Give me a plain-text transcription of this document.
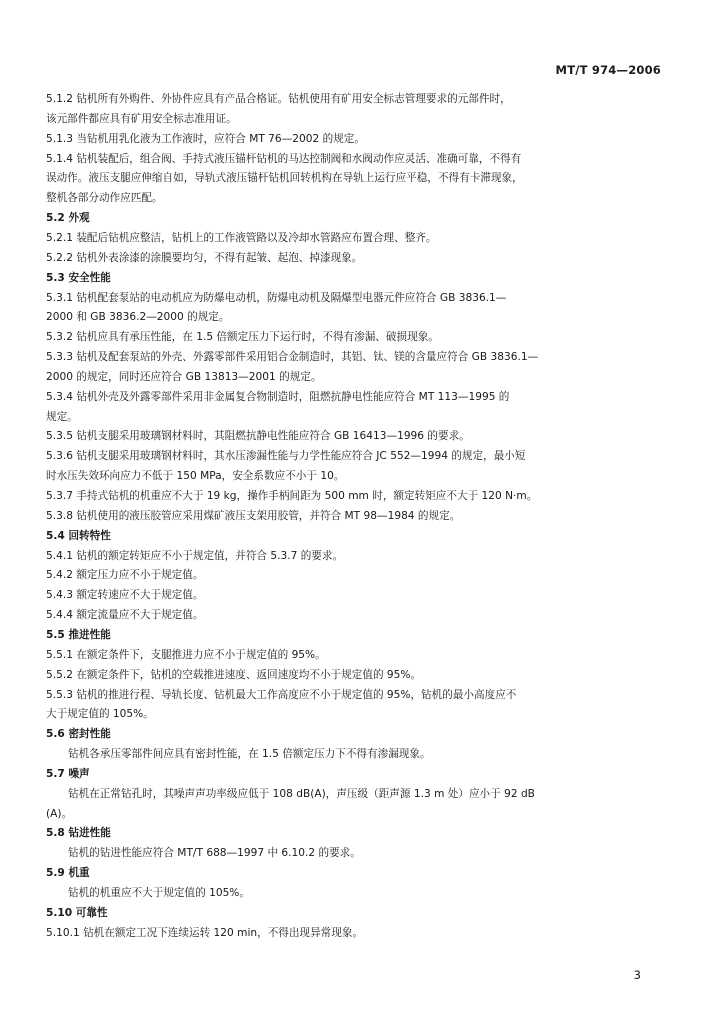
MT/T 974—2006
5.1.2 钻机所有外购件、外协件应具有产品合格证。钻机使用有矿用安全标志管理要求的元部件时，
该元部件都应具有矿用安全标志准用证。
5.1.3 当钻机用乳化液为工作液时，应符合 MT 76—2002 的规定。
5.1.4 钻机装配后，组合阀、手持式液压锚杆钻机的马达控制阀和水阀动作应灵活、准确可靠，不得有
误动作。液压支腿应伸缩自如，导轨式液压锚杆钻机回转机构在导轨上运行应平稳，不得有卡滞现象，
整机各部分动作应匹配。
5.2 外观
5.2.1 装配后钻机应整洁，钻机上的工作液管路以及冷却水管路应布置合理、整齐。
5.2.2 钻机外表涂漆的涂膜要均匀，不得有起皱、起泡、掉漆现象。
5.3 安全性能
5.3.1 钻机配套泵站的电动机应为防爆电动机，防爆电动机及隔爆型电器元件应符合 GB 3836.1—
2000 和 GB 3836.2—2000 的规定。
5.3.2 钻机应具有承压性能，在 1.5 倍额定压力下运行时，不得有渗漏、破损现象。
5.3.3 钻机及配套泵站的外壳、外露零部件采用铝合金制造时，其铝、钛、镁的含量应符合 GB 3836.1—
2000 的规定，同时还应符合 GB 13813—2001 的规定。
5.3.4 钻机外壳及外露零部件采用非金属复合物制造时，阻燃抗静电性能应符合 MT 113—1995 的
规定。
5.3.5 钻机支腿采用玻璃钢材料时，其阻燃抗静电性能应符合 GB 16413—1996 的要求。
5.3.6 钻机支腿采用玻璃钢材料时，其水压渗漏性能与力学性能应符合 JC 552—1994 的规定，最小短
时水压失效环向应力不低于 150 MPa，安全系数应不小于 10。
5.3.7 手持式钻机的机重应不大于 19 kg，操作手柄间距为 500 mm 时，额定转矩应不大于 120 N·m。
5.3.8 钻机使用的液压胶管应采用煤矿液压支架用胶管，并符合 MT 98—1984 的规定。
5.4 回转特性
5.4.1 钻机的额定转矩应不小于规定值，并符合 5.3.7 的要求。
5.4.2 额定压力应不小于规定值。
5.4.3 额定转速应不大于规定值。
5.4.4 额定流量应不大于规定值。
5.5 推进性能
5.5.1 在额定条件下，支腿推进力应不小于规定值的 95%。
5.5.2 在额定条件下，钻机的空载推进速度、返回速度均不小于规定值的 95%。
5.5.3 钻机的推进行程、导轨长度、钻机最大工作高度应不小于规定值的 95%，钻机的最小高度应不
大于规定值的 105%。
5.6 密封性能
钻机各承压零部件间应具有密封性能，在 1.5 倍额定压力下不得有渗漏现象。
5.7 噪声
钻机在正常钻孔时，其噪声声功率级应低于 108 dB(A)，声压级（距声源 1.3 m 处）应小于 92 dB
(A)。
5.8 钻进性能
钻机的钻进性能应符合 MT/T 688—1997 中 6.10.2 的要求。
5.9 机重
钻机的机重应不大于规定值的 105%。
5.10 可靠性
5.10.1 钻机在额定工况下连续运转 120 min，不得出现异常现象。
3
